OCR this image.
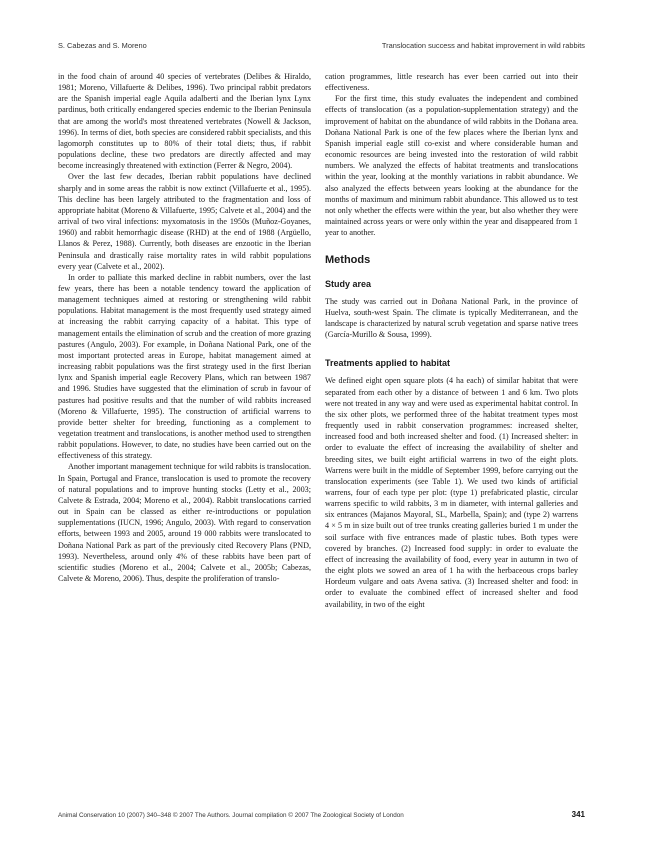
S. Cabezas and S. Moreno	Translocation success and habitat improvement in wild rabbits

in the food chain of around 40 species of vertebrates (Delibes & Hiraldo, 1981; Moreno, Villafuerte & Delibes, 1996). Two principal rabbit predators are the Spanish imperial eagle Aquila adalberti and the Iberian lynx Lynx pardinus, both critically endangered species endemic to the Iberian Peninsula that are among the world's most threatened vertebrates (Nowell & Jackson, 1996). In terms of diet, both species are considered rabbit specialists, and this lagomorph constitutes up to 80% of their total diets; thus, if rabbit populations decline, these two predators are directly affected and may become increasingly threatened with extinction (Ferrer & Negro, 2004).

Over the last few decades, Iberian rabbit populations have declined sharply and in some areas the rabbit is now extinct (Villafuerte et al., 1995). This decline has been largely attributed to the fragmentation and loss of appropriate habitat (Moreno & Villafuerte, 1995; Calvete et al., 2004) and the arrival of two viral infections: myxomatosis in the 1950s (Muñoz-Goyanes, 1960) and rabbit hemorrhagic disease (RHD) at the end of 1988 (Argüello, Llanos & Perez, 1988). Currently, both diseases are enzootic in the Iberian Peninsula and drastically raise mortality rates in wild rabbit populations every year (Calvete et al., 2002).

In order to palliate this marked decline in rabbit numbers, over the last few years, there has been a notable tendency toward the application of management techniques aimed at restoring or strengthening wild rabbit populations. Habitat management is the most frequently used strategy aimed at increasing the rabbit carrying capacity of a habitat. This type of management entails the elimination of scrub and the creation of more grazing pastures (Angulo, 2003). For example, in Doñana National Park, one of the most important protected areas in Europe, habitat management aimed at increasing rabbit populations was the first strategy used in the first Iberian lynx and Spanish imperial eagle Recovery Plans, which ran between 1987 and 1996. Studies have suggested that the elimination of scrub in favour of pastures had positive results and that the number of wild rabbits increased (Moreno & Villafuerte, 1995). The construction of artificial warrens to provide better shelter for breeding, functioning as a complement to vegetation treatment and translocations, is another method used to strengthen rabbit populations. However, to date, no studies have been carried out on the effectiveness of this strategy.

Another important management technique for wild rabbits is translocation. In Spain, Portugal and France, translocation is used to promote the recovery of natural populations and to improve hunting stocks (Letty et al., 2003; Calvete & Estrada, 2004; Moreno et al., 2004). Rabbit translocations carried out in Spain can be classed as either re-introductions or population supplementations (IUCN, 1996; Angulo, 2003). With regard to conservation efforts, between 1993 and 2005, around 19 000 rabbits were translocated to Doñana National Park as part of the previously cited Recovery Plans (PND, 1993). Nevertheless, around only 4% of these rabbits have been part of scientific studies (Moreno et al., 2004; Calvete et al., 2005b; Cabezas, Calvete & Moreno, 2006). Thus, despite the proliferation of translo-

cation programmes, little research has ever been carried out into their effectiveness.

For the first time, this study evaluates the independent and combined effects of translocation (as a population-supplementation strategy) and the improvement of habitat on the abundance of wild rabbits in the Doñana area. Doñana National Park is one of the few places where the Iberian lynx and Spanish imperial eagle still co-exist and where considerable human and economic resources are being invested into the restoration of wild rabbit numbers. We analyzed the effects of habitat treatments and translocations within the year, looking at the monthly variations in rabbit abundance. We also analyzed the effects between years looking at the abundance for the months of maximum and minimum rabbit abundance. This allowed us to test not only whether the effects were within the year, but also whether they were maintained across years or were only within the year and disappeared from 1 year to another.

Methods
Study area

The study was carried out in Doñana National Park, in the province of Huelva, south-west Spain. The climate is typically Mediterranean, and the landscape is characterized by natural scrub vegetation and sparse native trees (García-Murillo & Sousa, 1999).

Treatments applied to habitat

We defined eight open square plots (4 ha each) of similar habitat that were separated from each other by a distance of between 1 and 6 km. Two plots were not treated in any way and were used as experimental habitat control. In the six other plots, we performed three of the habitat treatment types most frequently used in rabbit conservation programmes: increased shelter, increased food and both increased shelter and food. (1) Increased shelter: in order to evaluate the effect of increasing the availability of shelter and breeding sites, we built eight artificial warrens in two of the eight plots. Warrens were built in the middle of September 1999, before carrying out the translocation experiments (see Table 1). We used two kinds of artificial warrens, four of each type per plot: (type 1) prefabricated plastic, circular warrens specific to wild rabbits, 3 m in diameter, with internal galleries and six entrances (Majanos Mayoral, SL, Marbella, Spain); and (type 2) warrens 4 × 5 m in size built out of tree trunks creating galleries buried 1 m under the soil surface with five entrances made of plastic tubes. Both types were covered by branches. (2) Increased food supply: in order to evaluate the effect of increasing the availability of food, every year in autumn in two of the eight plots we sowed an area of 1 ha with the herbaceous crops barley Hordeum vulgare and oats Avena sativa. (3) Increased shelter and food: in order to evaluate the combined effect of increased shelter and food availability, in two of the eight

Animal Conservation 10 (2007) 340–348 © 2007 The Authors. Journal compilation © 2007 The Zoological Society of London	341
